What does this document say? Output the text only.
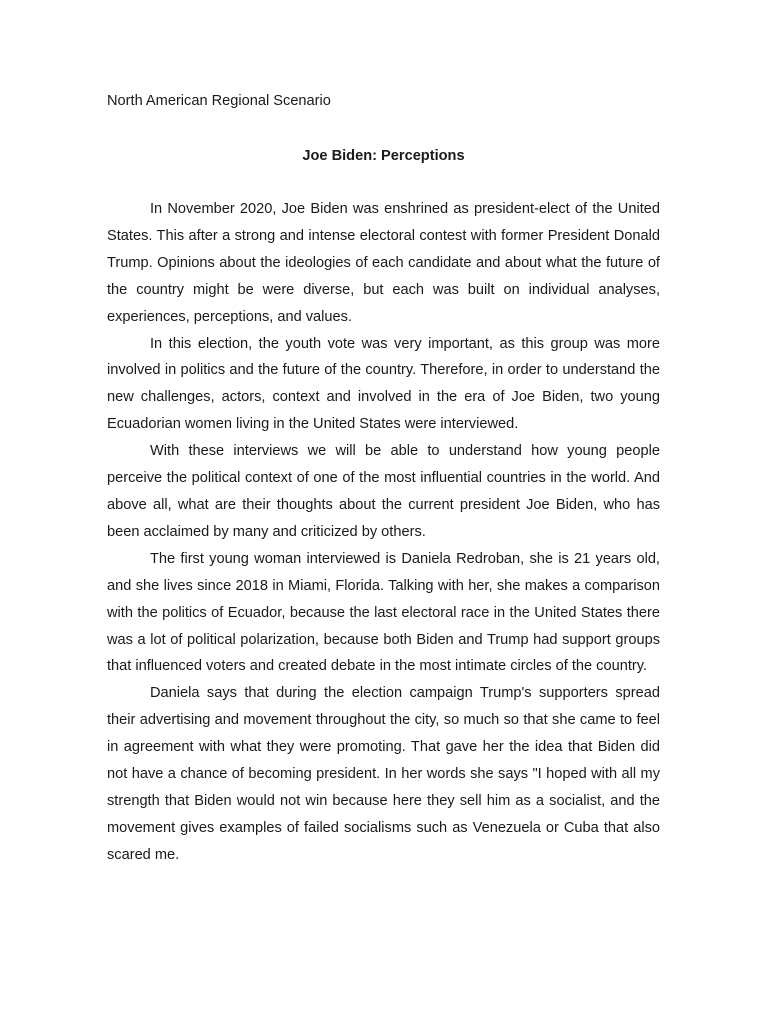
North American Regional Scenario

Joe Biden: Perceptions

In November 2020, Joe Biden was enshrined as president-elect of the United States. This after a strong and intense electoral contest with former President Donald Trump. Opinions about the ideologies of each candidate and about what the future of the country might be were diverse, but each was built on individual analyses, experiences, perceptions, and values.

In this election, the youth vote was very important, as this group was more involved in politics and the future of the country. Therefore, in order to understand the new challenges, actors, context and involved in the era of Joe Biden, two young Ecuadorian women living in the United States were interviewed.

With these interviews we will be able to understand how young people perceive the political context of one of the most influential countries in the world. And above all, what are their thoughts about the current president Joe Biden, who has been acclaimed by many and criticized by others.

The first young woman interviewed is Daniela Redroban, she is 21 years old, and she lives since 2018 in Miami, Florida. Talking with her, she makes a comparison with the politics of Ecuador, because the last electoral race in the United States there was a lot of political polarization, because both Biden and Trump had support groups that influenced voters and created debate in the most intimate circles of the country.

Daniela says that during the election campaign Trump's supporters spread their advertising and movement throughout the city, so much so that she came to feel in agreement with what they were promoting. That gave her the idea that Biden did not have a chance of becoming president. In her words she says "I hoped with all my strength that Biden would not win because here they sell him as a socialist, and the movement gives examples of failed socialisms such as Venezuela or Cuba that also scared me.
